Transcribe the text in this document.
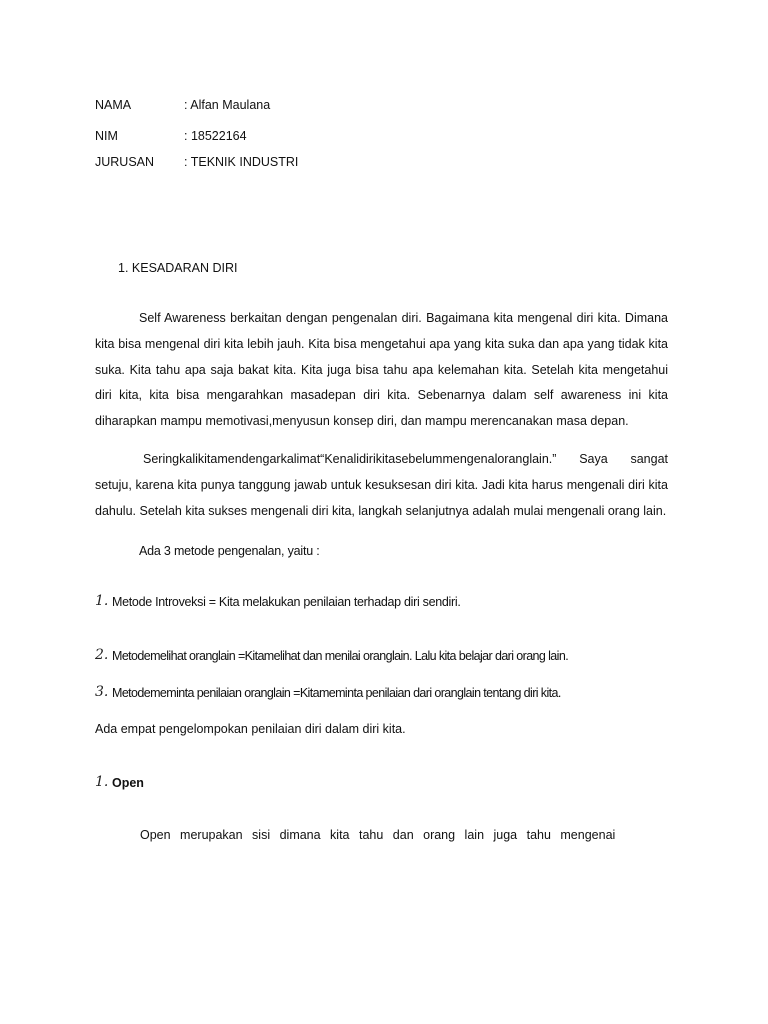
NAMA	: Alfan Maulana
NIM	: 18522164
JURUSAN : TEKNIK INDUSTRI
1. KESADARAN DIRI
Self Awareness berkaitan dengan pengenalan diri. Bagaimana kita mengenal diri kita. Dimana kita bisa mengenal diri kita lebih jauh. Kita bisa mengetahui apa yang kita suka dan apa yang tidak kita suka. Kita tahu apa saja bakat kita. Kita juga bisa tahu apa kelemahan kita. Setelah kita mengetahui diri kita, kita bisa mengarahkan masadepan diri kita. Sebenarnya dalam self awareness ini kita diharapkan mampu memotivasi,menyusun konsep diri, dan mampu merencanakan masa depan.
Seringkalikitamendengarkalimat“Kenalidirikitasebelummengenaloranglain.” Saya sangat setuju, karena kita punya tanggung jawab untuk kesuksesan diri kita. Jadi kita harus mengenali diri kita dahulu. Setelah kita sukses mengenali diri kita, langkah selanjutnya adalah mulai mengenali orang lain.
Ada 3 metode pengenalan, yaitu :
1. Metode Introveksi = Kita melakukan penilaian terhadap diri sendiri.
2. Metodemelihat oranglain =Kitamelihat dan menilai oranglain. Lalu kita belajar dari orang lain.
3. Metodememinta penilaian oranglain =Kitameminta penilaian dari oranglain tentang diri kita.
Ada empat pengelompokan penilaian diri dalam diri kita.
1. Open
Open merupakan sisi dimana kita tahu dan orang lain juga tahu mengenai
